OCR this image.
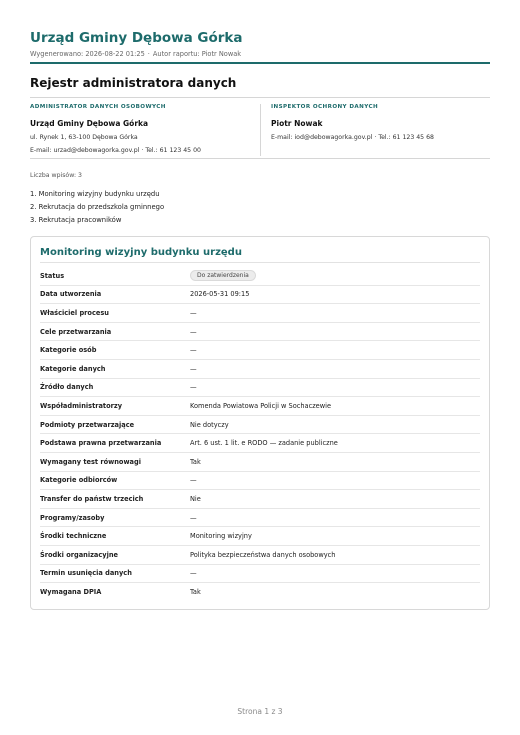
Urząd Gminy Dębowa Górka
Wygenerowano: 2026-08-22 01:25 · Autor raportu: Piotr Nowak
Rejestr administratora danych
ADMINISTRATOR DANYCH OSOBOWYCH
Urząd Gminy Dębowa Górka
ul. Rynek 1, 63-100 Dębowa Górka
E-mail: urzad@debowagorka.gov.pl · Tel.: 61 123 45 00
INSPEKTOR OCHRONY DANYCH
Piotr Nowak
E-mail: iod@debowagorka.gov.pl · Tel.: 61 123 45 68
Liczba wpisów: 3
1. Monitoring wizyjny budynku urzędu
2. Rekrutacja do przedszkola gminnego
3. Rekrutacja pracowników
Monitoring wizyjny budynku urzędu
Status	Do zatwierdzenia
Data utworzenia	2026-05-31 09:15
Właściciel procesu	—
Cele przetwarzania	—
Kategorie osób	—
Kategorie danych	—
Źródło danych	—
Współadministratorzy	Komenda Powiatowa Policji w Sochaczewie
Podmioty przetwarzające	Nie dotyczy
Podstawa prawna przetwarzania	Art. 6 ust. 1 lit. e RODO — zadanie publiczne
Wymagany test równowagi	Tak
Kategorie odbiorców	—
Transfer do państw trzecich	Nie
Programy/zasoby	—
Środki techniczne	Monitoring wizyjny
Środki organizacyjne	Polityka bezpieczeństwa danych osobowych
Termin usunięcia danych	—
Wymagana DPIA	Tak
Strona 1 z 3
